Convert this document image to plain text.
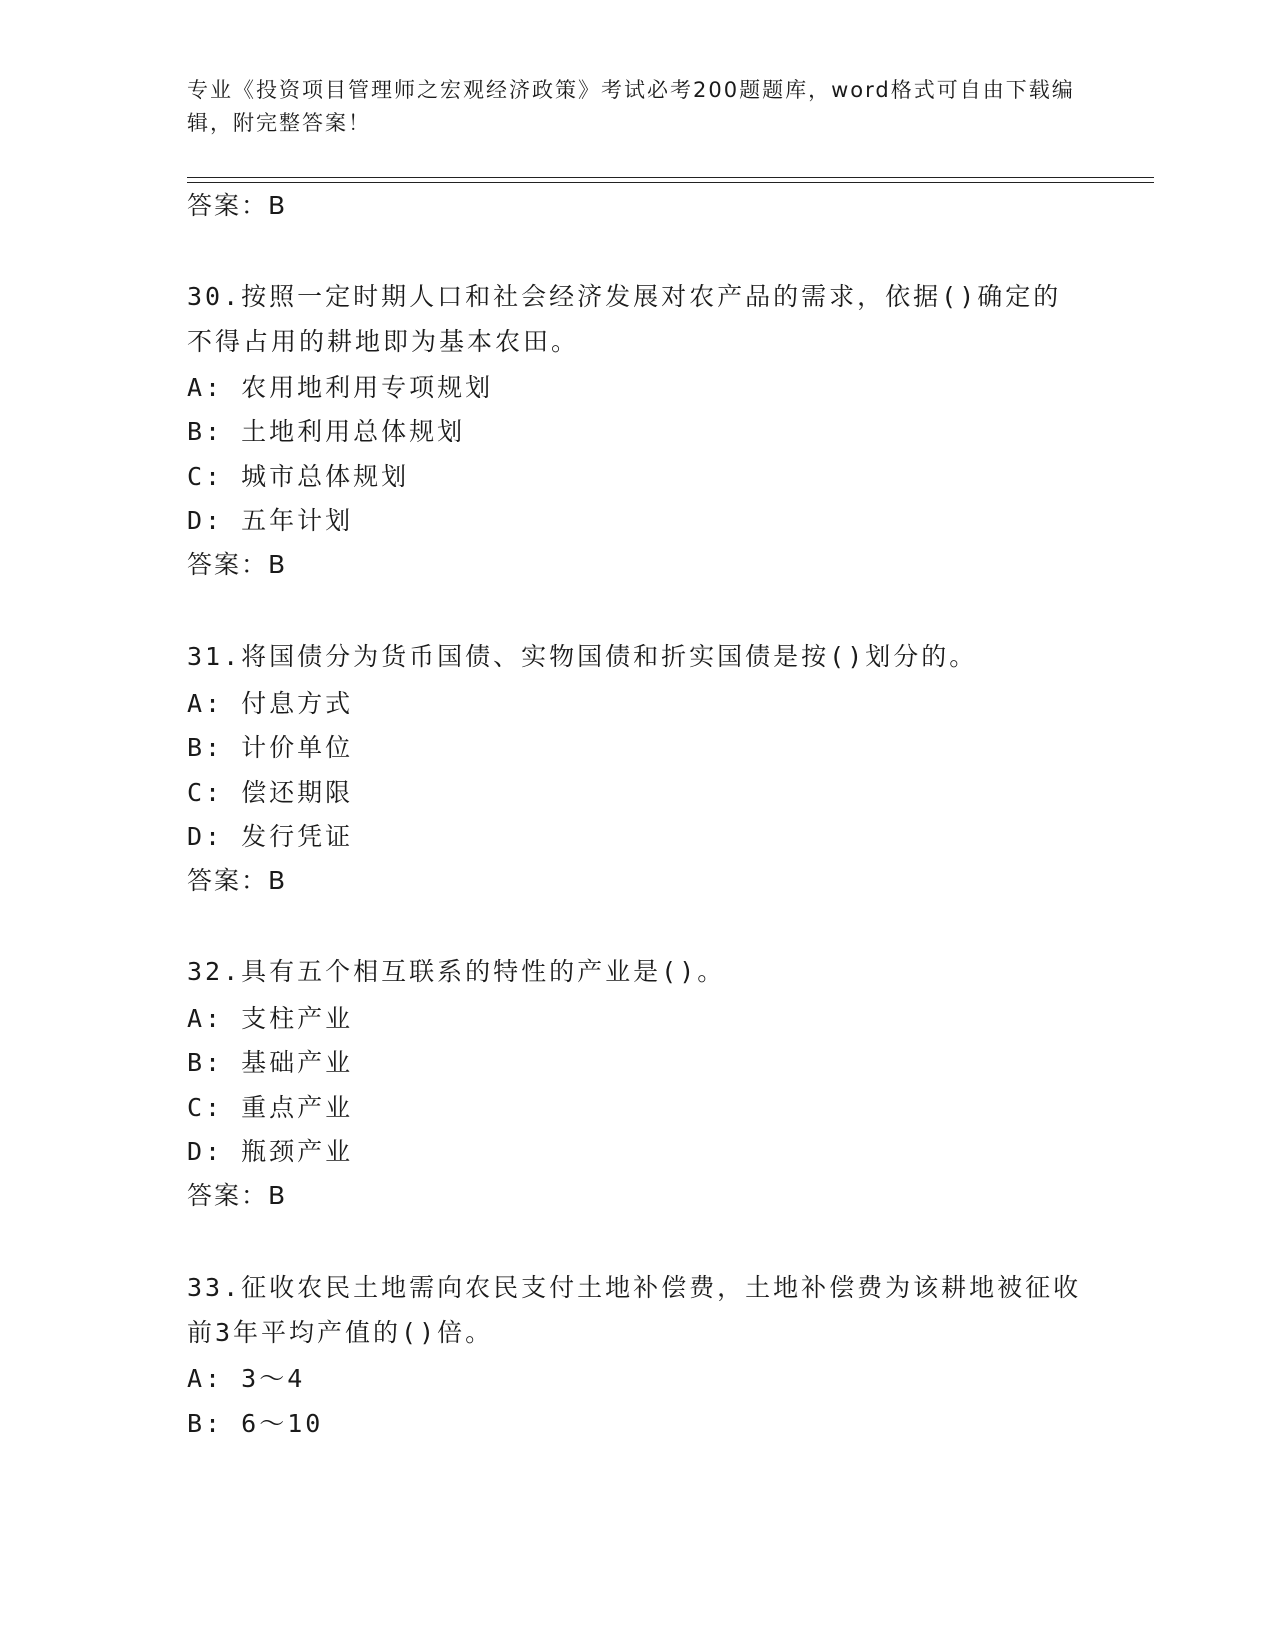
专业《投资项目管理师之宏观经济政策》考试必考200题题库，word格式可自由下载编辑，附完整答案！
答案：B
30.按照一定时期人口和社会经济发展对农产品的需求，依据()确定的不得占用的耕地即为基本农田。
A: 农用地利用专项规划
B: 土地利用总体规划
C: 城市总体规划
D: 五年计划
答案：B
31.将国债分为货币国债、实物国债和折实国债是按()划分的。
A: 付息方式
B: 计价单位
C: 偿还期限
D: 发行凭证
答案：B
32.具有五个相互联系的特性的产业是()。
A: 支柱产业
B: 基础产业
C: 重点产业
D: 瓶颈产业
答案：B
33.征收农民土地需向农民支付土地补偿费，土地补偿费为该耕地被征收前3年平均产值的()倍。
A: 3～4
B: 6～10
